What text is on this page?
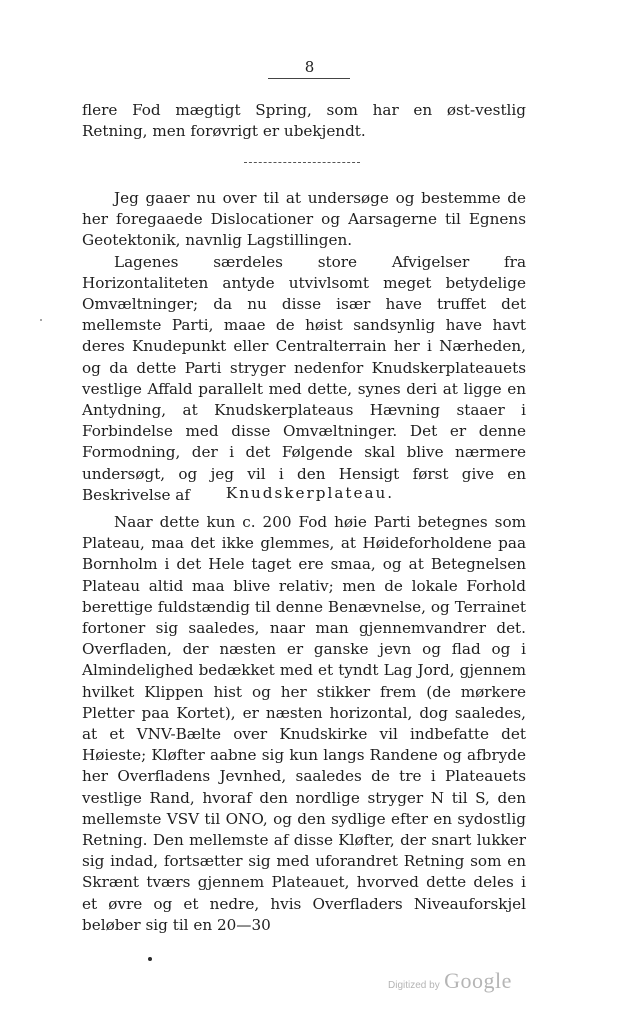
8

flere Fod mægtigt Spring, som har en øst-vestlig Retning, men forøvrigt er ubekjendt.

Jeg gaaer nu over til at undersøge og bestemme de her foregaaede Dislocationer og Aarsagerne til Egnens Geotektonik, navnlig Lagstillingen.

Lagenes særdeles store Afvigelser fra Horizontaliteten antyde utvivlsomt meget betydelige Omvæltninger; da nu disse især have truffet det mellemste Parti, maae de høist sandsynlig have havt deres Knudepunkt eller Centralterrain her i Nærheden, og da dette Parti stryger nedenfor Knudskerplateauets vestlige Affald parallelt med dette, synes deri at ligge en Antydning, at Knudskerplateaus Hævning staaer i Forbindelse med disse Omvæltninger. Det er denne Formodning, der i det Følgende skal blive nærmere undersøgt, og jeg vil i den Hensigt først give en Beskrivelse af	Knudskerplateau.

Naar dette kun c. 200 Fod høie Parti betegnes som Plateau, maa det ikke glemmes, at Høideforholdene paa Bornholm i det Hele taget ere smaa, og at Betegnelsen Plateau altid maa blive relativ; men de lokale Forhold berettige fuldstændig til denne Benævnelse, og Terrainet fortoner sig saaledes, naar man gjennemvandrer det. Overfladen, der næsten er ganske jevn og flad og i Almindelighed bedækket med et tyndt Lag Jord, gjennem hvilket Klippen hist og her stikker frem (de mørkere Pletter paa Kortet), er næsten horizontal, dog saaledes, at et VNV-Bælte over Knudskirke vil indbefatte det Høieste; Kløfter aabne sig kun langs Randene og afbryde her Overfladens Jevnhed, saaledes de tre i Plateauets vestlige Rand, hvoraf den nordlige stryger N til S, den mellemste VSV til ONO, og den sydlige efter en sydostlig Retning. Den mellemste af disse Kløfter, der snart lukker sig indad, fortsætter sig med uforandret Retning som en Skrænt tværs gjennem Plateauet, hvorved dette deles i et øvre og et nedre, hvis Overfladers Niveauforskjel beløber sig til en 20—30

Digitized by Google
